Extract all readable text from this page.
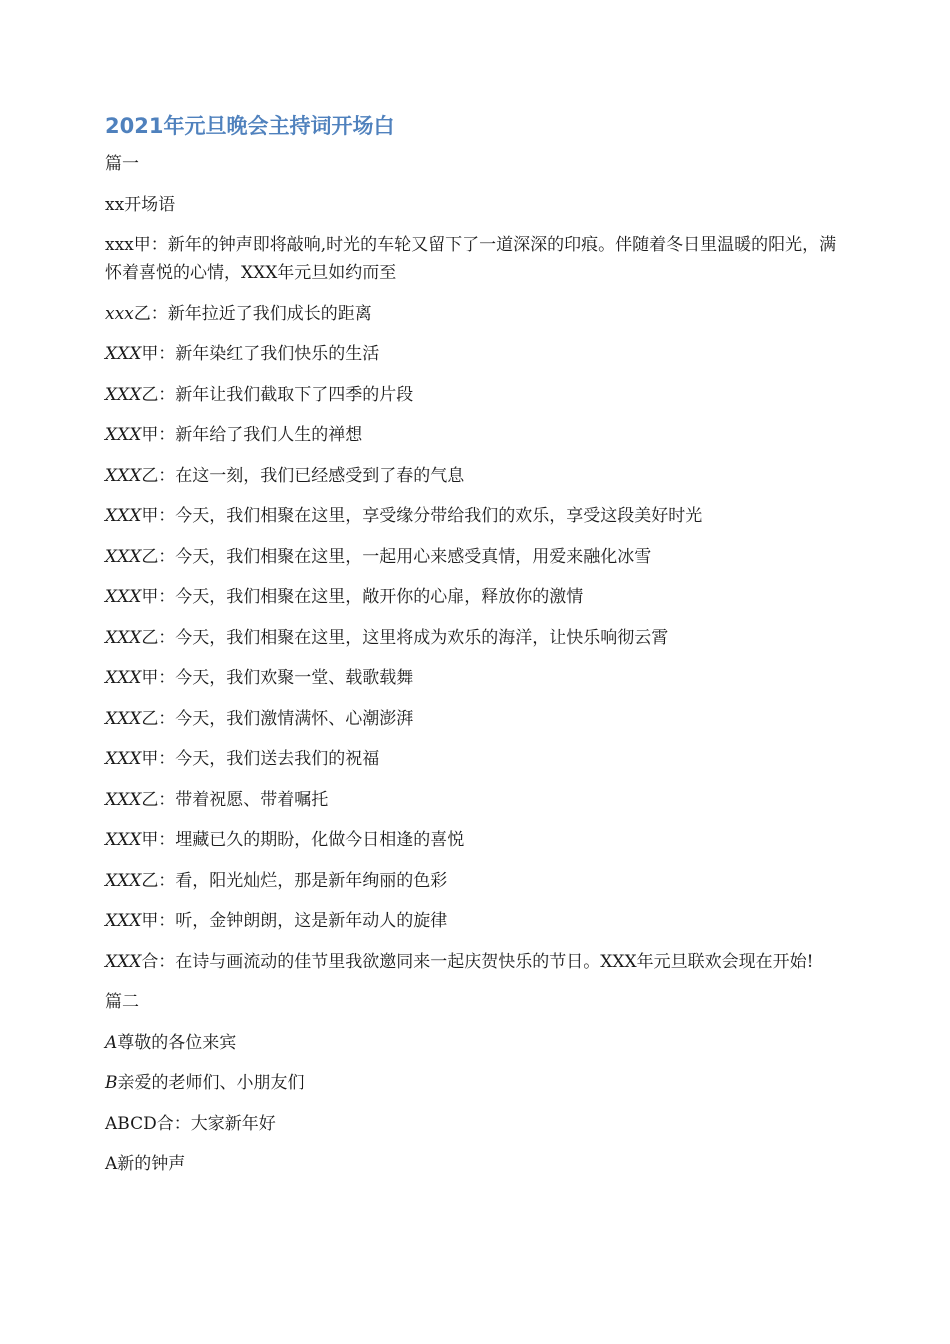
2021年元旦晚会主持词开场白

篇一

xx开场语

xxx甲：新年的钟声即将敲响,时光的车轮又留下了一道深深的印痕。伴随着冬日里温暖的阳光，满怀着喜悦的心情，XXX年元旦如约而至

xxx乙：新年拉近了我们成长的距离

XXX甲：新年染红了我们快乐的生活

XXX乙：新年让我们截取下了四季的片段

XXX甲：新年给了我们人生的禅想

XXX乙：在这一刻，我们已经感受到了春的气息

XXX甲：今天，我们相聚在这里，享受缘分带给我们的欢乐，享受这段美好时光

XXX乙：今天，我们相聚在这里，一起用心来感受真情，用爱来融化冰雪

XXX甲：今天，我们相聚在这里，敞开你的心扉，释放你的激情

XXX乙：今天，我们相聚在这里，这里将成为欢乐的海洋，让快乐响彻云霄

XXX甲：今天，我们欢聚一堂、载歌载舞

XXX乙：今天，我们激情满怀、心潮澎湃

XXX甲：今天，我们送去我们的祝福

XXX乙：带着祝愿、带着嘱托

XXX甲：埋藏已久的期盼，化做今日相逢的喜悦

XXX乙：看，阳光灿烂，那是新年绚丽的色彩

XXX甲：听，金钟朗朗，这是新年动人的旋律

XXX合：在诗与画流动的佳节里我欲邀同来一起庆贺快乐的节日。XXX年元旦联欢会现在开始!

篇二

A尊敬的各位来宾

B亲爱的老师们、小朋友们

ABCD合：大家新年好

A新的钟声
